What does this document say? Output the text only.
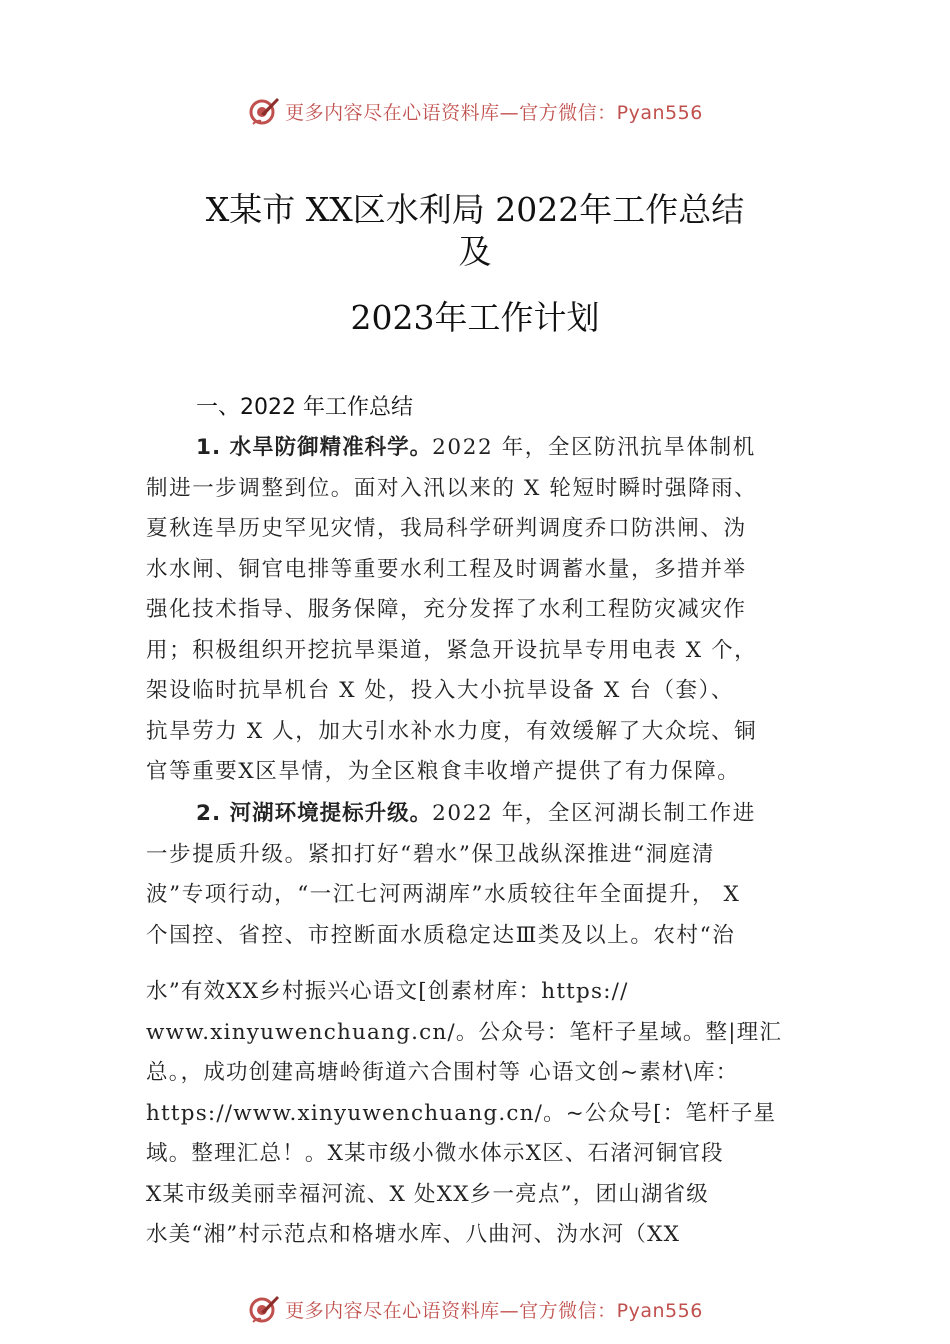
更多内容尽在心语资料库—官方微信：Pyan556
X某市 XX区水利局 2022年工作总结
及
2023年工作计划
一、2022 年工作总结
1. 水旱防御精准科学。2022 年，全区防汛抗旱体制机
制进一步调整到位。面对入汛以来的 X 轮短时瞬时强降雨、
夏秋连旱历史罕见灾情，我局科学研判调度乔口防洪闸、沩
水水闸、铜官电排等重要水利工程及时调蓄水量，多措并举
强化技术指导、服务保障，充分发挥了水利工程防灾减灾作
用；积极组织开挖抗旱渠道，紧急开设抗旱专用电表 X 个，
架设临时抗旱机台 X 处，投入大小抗旱设备 X 台（套）、
抗旱劳力 X 人，加大引水补水力度，有效缓解了大众垸、铜
官等重要X区旱情，为全区粮食丰收增产提供了有力保障。
2. 河湖环境提标升级。2022 年，全区河湖长制工作进
一步提质升级。紧扣打好“碧水”保卫战纵深推进“洞庭清
波”专项行动，“一江七河两湖库”水质较往年全面提升， X
个国控、省控、市控断面水质稳定达Ⅲ类及以上。农村“治
水”有效XX乡村振兴心语文[创素材库：https://
www.xinyuwenchuang.cn/。公众号：笔杆子星域。整|理汇
总。，成功创建高塘岭街道六合围村等 心语文创~素材\库：
https://www.xinyuwenchuang.cn/。~公众号[：笔杆子星
域。整理汇总！。X某市级小微水体示X区、石渚河铜官段
X某市级美丽幸福河流、X 处XX乡一亮点”，团山湖省级
水美“湘”村示范点和格塘水库、八曲河、沩水河（XX
更多内容尽在心语资料库—官方微信：Pyan556
